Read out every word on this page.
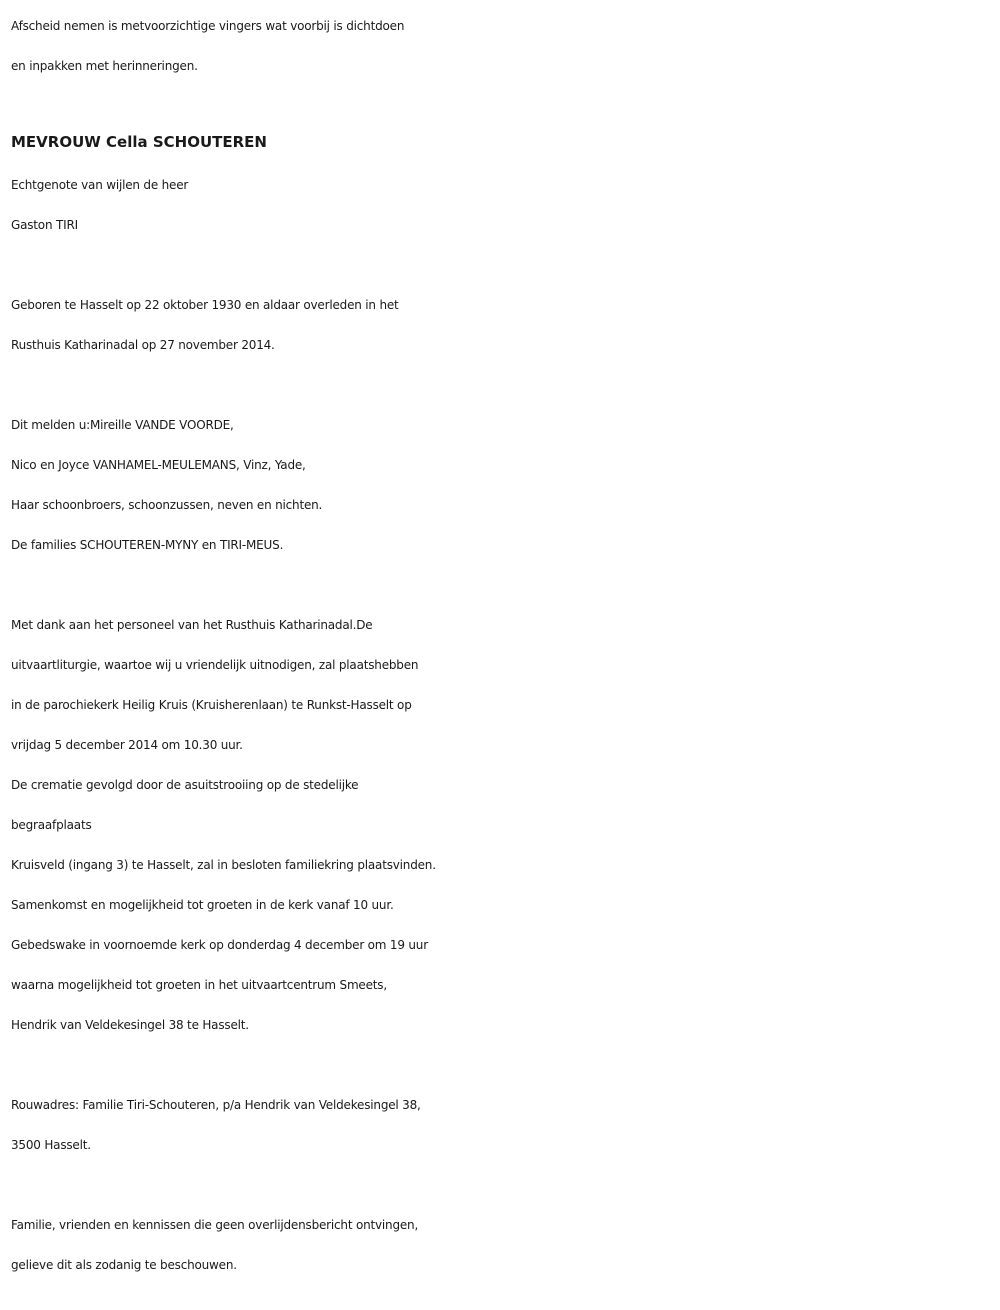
Afscheid nemen is metvoorzichtige vingers wat voorbij is dichtdoen
en inpakken met herinneringen.
MEVROUW Cella SCHOUTEREN
Echtgenote van wijlen de heer
Gaston TIRI
Geboren te Hasselt op 22 oktober 1930 en aldaar overleden in het
Rusthuis Katharinadal op 27 november 2014.
Dit melden u:Mireille VANDE VOORDE,
Nico en Joyce VANHAMEL-MEULEMANS, Vinz, Yade,
Haar schoonbroers, schoonzussen, neven en nichten.
De families SCHOUTEREN-MYNY en TIRI-MEUS.
Met dank aan het personeel van het Rusthuis Katharinadal.De
uitvaartliturgie, waartoe wij u vriendelijk uitnodigen, zal plaatshebben
in de parochiekerk Heilig Kruis (Kruisherenlaan) te Runkst-Hasselt op
vrijdag 5 december 2014 om 10.30 uur.
De crematie gevolgd door de asuitstrooiing op de stedelijke
begraafplaats
Kruisveld (ingang 3) te Hasselt, zal in besloten familiekring plaatsvinden.
Samenkomst en mogelijkheid tot groeten in de kerk vanaf 10 uur.
Gebedswake in voornoemde kerk op donderdag 4 december om 19 uur
waarna mogelijkheid tot groeten in het uitvaartcentrum Smeets,
Hendrik van Veldekesingel 38 te Hasselt.
Rouwadres: Familie Tiri-Schouteren, p/a Hendrik van Veldekesingel 38,
3500 Hasselt.
Familie, vrienden en kennissen die geen overlijdensbericht ontvingen,
gelieve dit als zodanig te beschouwen.
